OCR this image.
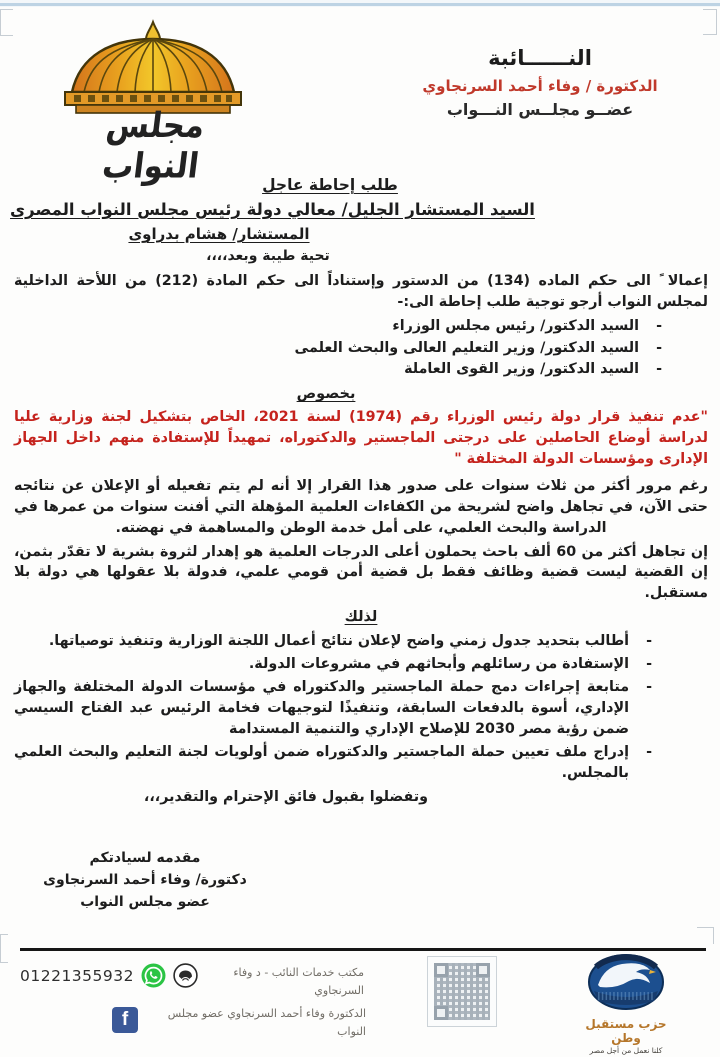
مجلس النواب
النــــــائبة
الدكتورة / وفاء أحمد السرنجاوي
عضــو مجلــس النـــواب
طلب إحاطة عاجل
السيد المستشار الجليل/ معالي دولة رئيس مجلس النواب المصرى
المستشار/ هشام بدراوى
تحية طيبة وبعد،،،،

إعمالا ً الى حكم الماده (134) من الدستور وإستناداً الى حكم المادة (212) من اللأحة الداخلية لمجلس النواب أرجو توجية طلب إحاطة الى:-

-
السيد الدكتور/ رئيس مجلس الوزراء
-
السيد الدكتور/ وزير التعليم العالى والبحث العلمى
-
السيد الدكتور/ وزير القوى العاملة
بخصوص

"عدم تنفيذ قرار دولة رئيس الوزراء رقم (1974) لسنة 2021، الخاص بتشكيل لجنة وزارية عليا لدراسة أوضاع الحاصلين على درجتى الماجستير والدكتوراه، تمهيداً للإستفادة منهم داخل الجهاز الإدارى ومؤسسات الدولة المختلفة "

رغم مرور أكثر من ثلاث سنوات على صدور هذا القرار إلا أنه لم يتم تفعيله أو الإعلان عن نتائجه حتى الآن، في تجاهل واضح لشريحة من الكفاءات العلمية المؤهلة التي أفنت سنوات من عمرها في الدراسة والبحث العلمي، على أمل خدمة الوطن والمساهمة في نهضته.

إن تجاهل أكثر من 60 ألف باحث يحملون أعلى الدرجات العلمية هو إهدار لثروة بشرية لا تقدّر بثمن، إن القضية ليست قضية وظائف فقط بل قضية أمن قومي علمي، فدولة بلا عقولها هي دولة بلا مستقبل.

لذلك
-
أطالب بتحديد جدول زمني واضح لإعلان نتائج أعمال اللجنة الوزارية وتنفيذ توصياتها.
-
الإستفادة من رسائلهم وأبحاثهم في مشروعات الدولة.
-
متابعة إجراءات دمج حملة الماجستير والدكتوراه في مؤسسات الدولة المختلفة والجهاز الإداري، أسوة بالدفعات السابقة، وتنفيذًا لتوجيهات فخامة الرئيس عبد الفتاح السيسي ضمن رؤية مصر 2030 للإصلاح الإداري والتنمية المستدامة
-
إدراج ملف تعيين حملة الماجستير والدكتوراه ضمن أولويات لجنة التعليم والبحث العلمي بالمجلس.

وتفضلوا بقبول فائق الإحترام والتقدير،،،

مقدمه لسيادتكم
دكتورة/ وفاء أحمد السرنجاوى
عضو مجلس النواب
01221355932	مكتب خدمات النائب - د وفاء السرنجاوي
f	الدكتورة وفاء أحمد السرنجاوي عضو مجلس النواب
حزب مستقبل وطن
كلنا نعمل من أجل مصر
